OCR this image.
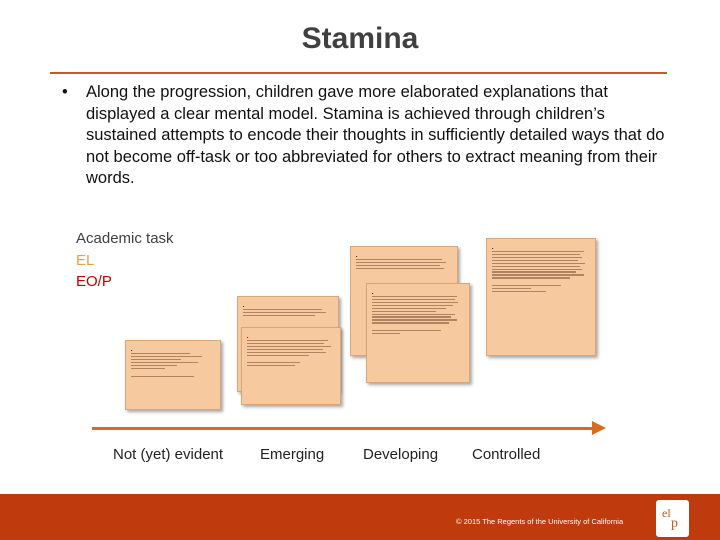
Stamina
•	Along the progression, children gave more elaborated explanations that displayed a clear mental model. Stamina is achieved through children’s sustained attempts to encode their thoughts in sufficiently detailed ways that do not become off-task or too abbreviated for others to extract meaning from their words.
Academic task
EL
EO/P

Not (yet) evident Emerging	Developing Controlled
© 2015 The Regents of the University of California
el
p
